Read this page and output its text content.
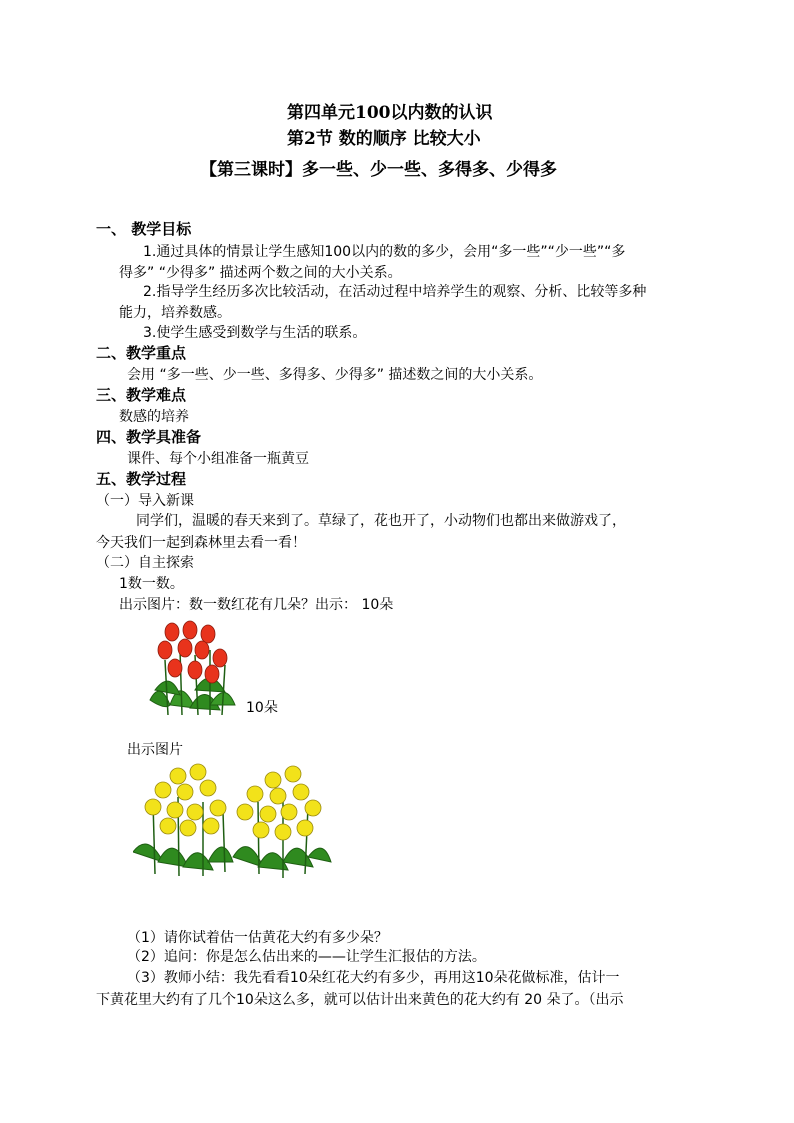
第四单元100以内数的认识
第2节 数的顺序 比较大小
【第三课时】多一些、少一些、多得多、少得多
一、 教学目标
1.通过具体的情景让学生感知100以内的数的多少，会用“多一些”“少一些”“多
得多” “少得多” 描述两个数之间的大小关系。
2.指导学生经历多次比较活动，在活动过程中培养学生的观察、分析、比较等多种
能力，培养数感。
3.使学生感受到数学与生活的联系。
二、教学重点
会用 “多一些、少一些、多得多、少得多” 描述数之间的大小关系。
三、教学难点
数感的培养
四、教学具准备
课件、每个小组准备一瓶黄豆
五、教学过程
（一）导入新课
同学们，温暖的春天来到了。草绿了，花也开了，小动物们也都出来做游戏了，
今天我们一起到森林里去看一看！
（二）自主探索
1数一数。
出示图片：数一数红花有几朵？出示： 10朵
10朵
出示图片
（1）请你试着估一估黄花大约有多少朵？
（2）追问：你是怎么估出来的——让学生汇报估的方法。
（3）教师小结：我先看看10朵红花大约有多少，再用这10朵花做标准，估计一
下黄花里大约有了几个10朵这么多，就可以估计出来黄色的花大约有 20 朵了。（出示
